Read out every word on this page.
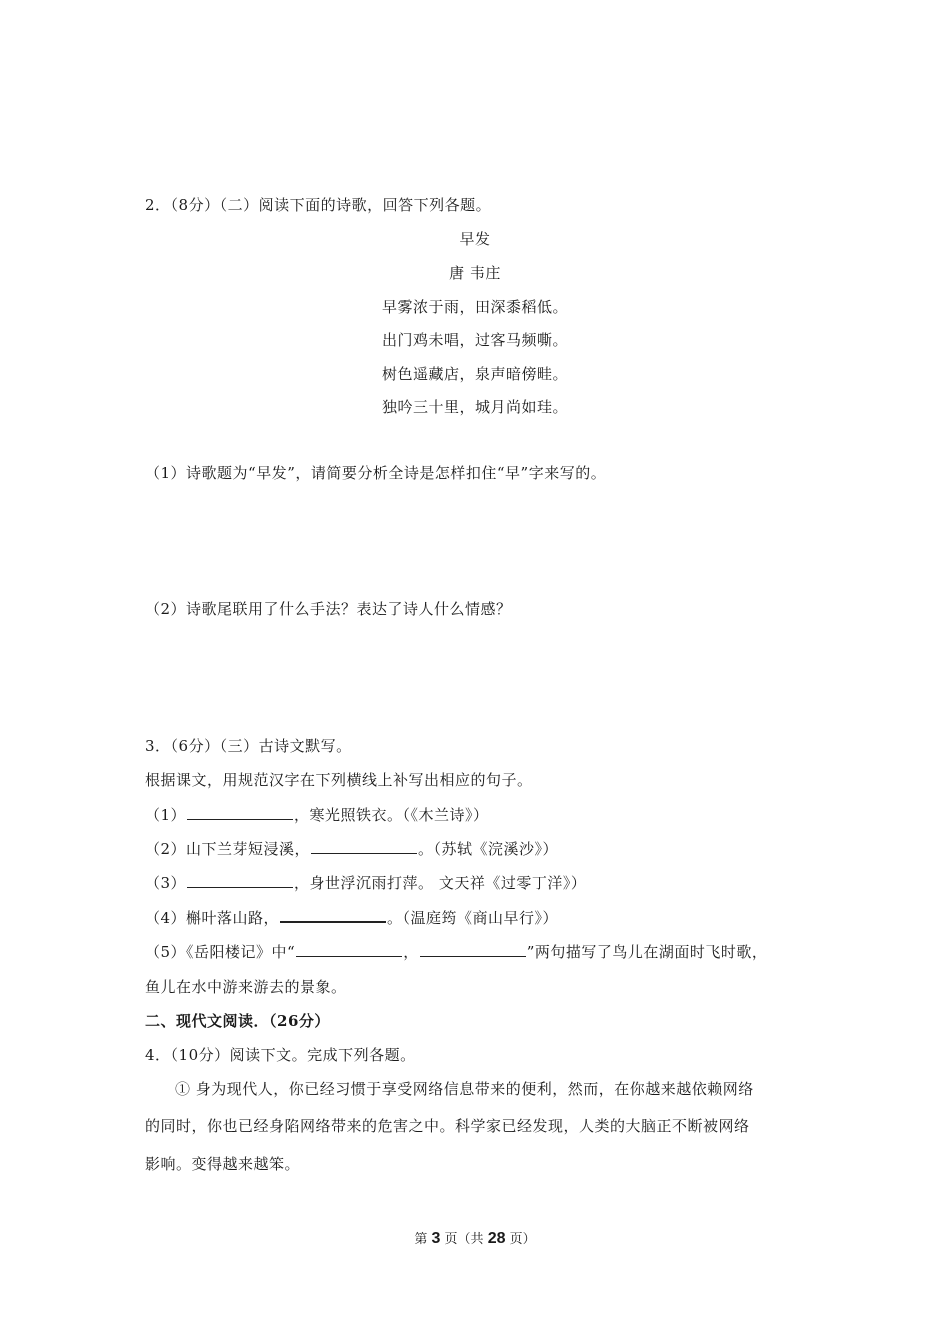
2．（8分）（二）阅读下面的诗歌，回答下列各题。
早发
唐 韦庄
早雾浓于雨，田深黍稻低。
出门鸡未唱，过客马频嘶。
树色遥藏店，泉声暗傍畦。
独吟三十里，城月尚如珪。
（1）诗歌题为“早发”，请简要分析全诗是怎样扣住“早”字来写的。
（2）诗歌尾联用了什么手法？表达了诗人什么情感？
3．（6分）（三）古诗文默写。
根据课文，用规范汉字在下列横线上补写出相应的句子。
（1）	，寒光照铁衣。（《木兰诗》）
（2）山下兰芽短浸溪，	。（苏轼《浣溪沙》）
（3）	，身世浮沉雨打萍。 文天祥《过零丁洋》）
（4）槲叶落山路，	。（温庭筠《商山早行》）
（5）《岳阳楼记》中“	，	”两句描写了鸟儿在湖面时飞时歌，
鱼儿在水中游来游去的景象。
二、现代文阅读．（26分）
4．（10分）阅读下文。完成下列各题。
① 身为现代人，你已经习惯于享受网络信息带来的便利，然而，在你越来越依赖网络
的同时，你也已经身陷网络带来的危害之中。科学家已经发现，人类的大脑正不断被网络
影响。变得越来越笨。
第 3 页（共 28 页）
